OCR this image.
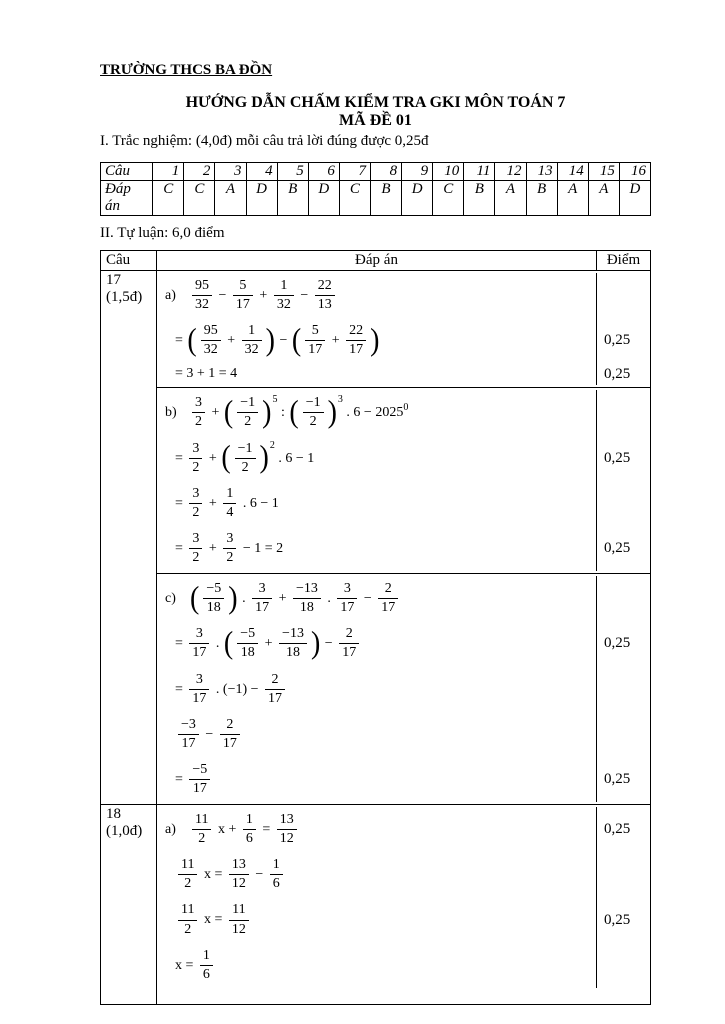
TRƯỜNG THCS BA ĐỒN
HƯỚNG DẪN CHẤM KIỂM TRA GKI MÔN TOÁN 7
MÃ ĐỀ 01
I. Trắc nghiệm: (4,0đ) mỗi câu trả lời đúng được 0,25đ
Câu	1	2	3	4	5	6	7	8	9	10	11	12	13	14	15	16
Đáp án	C	C	A	D	B	D	C	B	D	C	B	A	B	A	A	D
II. Tự luận: 6,0 điểm
Câu	Đáp án	Điểm
17
(1,5đ)	$a) \frac{95}{32} - \frac{5}{17} + \frac{1}{32} - \frac{22}{13}$
= ( $\frac{95}{32} + \frac{1}{32}$ ) − ( $\frac{5}{17} + \frac{22}{17}$ )	0,25
= 3 + 1 = 4	0,25
$b) \frac{3}{2}$ + ( $\frac{-1}{2} )^5$ : ( $\frac{-1}{2} )^3$ . $6 - 2025^0$
= $\frac{3}{2}$ + ( $\frac{-1}{2} )^2$ . 6 − 1	0,25
= $\frac{3}{2} + \frac{1}{4}$ . 6 − 1
= $\frac{3}{2} + \frac{3}{2} - 1 = 2$	0,25
c) ( $\frac{-5}{18}$ ) . $\frac{3}{17} + \frac{-13}{18}$ . $\frac{3}{17} - \frac{2}{17}$
= $\frac{3}{17}$ . ( $\frac{-5}{18} + \frac{-13}{18}$ ) − $\frac{2}{17}$	0,25
= $\frac{3}{17}$ . $(-1) - \frac{2}{17}$
$\frac{-3}{17} - \frac{2}{17}$
= $\frac{-5}{17}$	0,25
18
(1,0đ)	$a) \frac{11}{2}$ $x + \frac{1}{6} = \frac{13}{12}$	0,25
$\frac{11}{2}$ $x = \frac{13}{12} - \frac{1}{6}$
$\frac{11}{2}$ $x = \frac{11}{12}$	0,25
$x = \frac{1}{6}$
